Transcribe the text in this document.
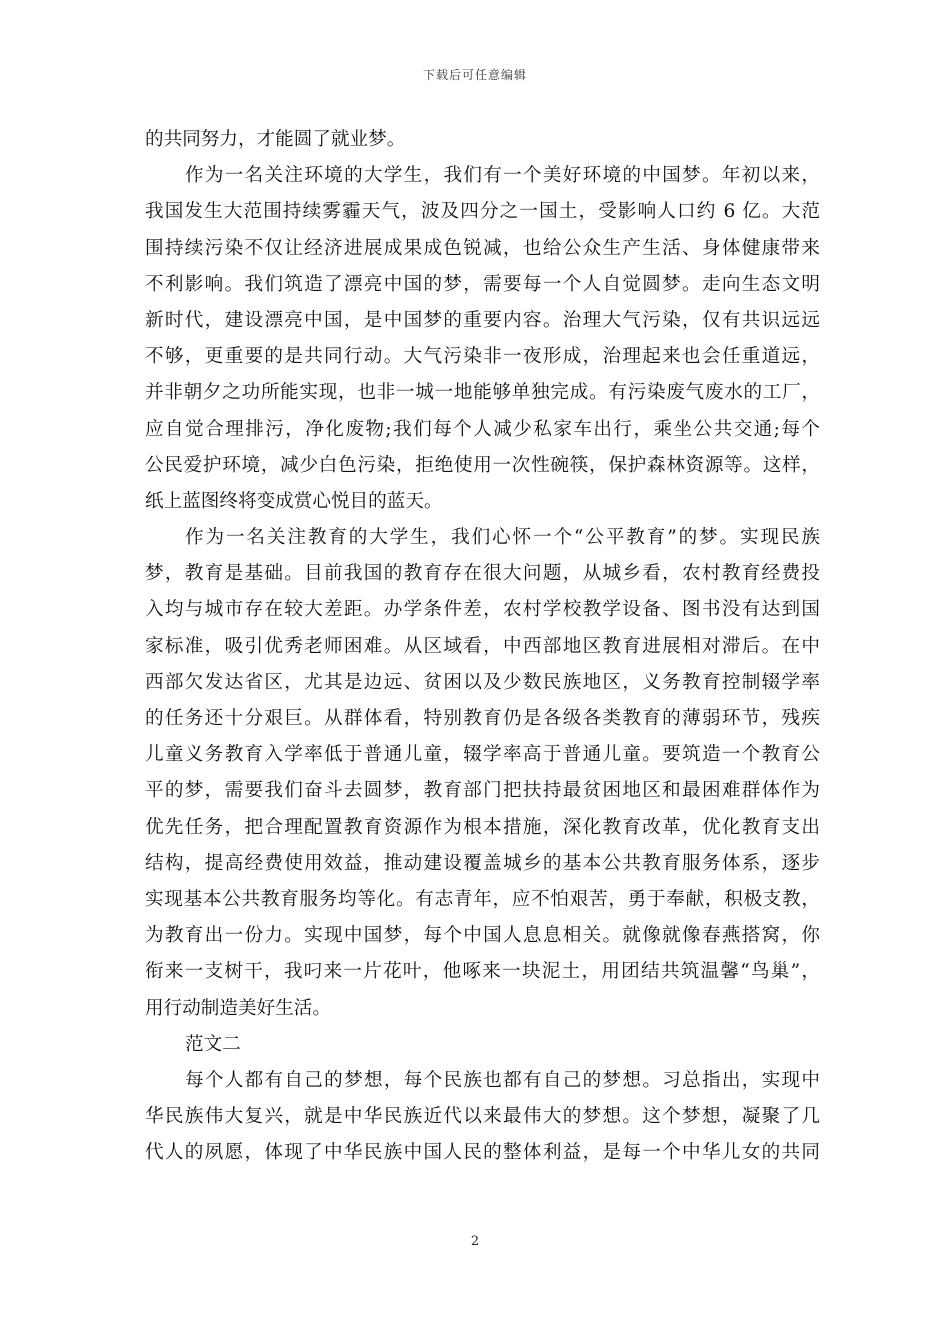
下载后可任意编辑
的共同努力，才能圆了就业梦。
作为一名关注环境的大学生，我们有一个美好环境的中国梦。年初以来，
我国发生大范围持续雾霾天气，波及四分之一国土，受影响人口约 6 亿。大范
围持续污染不仅让经济进展成果成色锐减，也给公众生产生活、身体健康带来
不利影响。我们筑造了漂亮中国的梦，需要每一个人自觉圆梦。走向生态文明
新时代，建设漂亮中国，是中国梦的重要内容。治理大气污染，仅有共识远远
不够，更重要的是共同行动。大气污染非一夜形成，治理起来也会任重道远，
并非朝夕之功所能实现，也非一城一地能够单独完成。有污染废气废水的工厂，
应自觉合理排污，净化废物;我们每个人减少私家车出行，乘坐公共交通;每个
公民爱护环境，减少白色污染，拒绝使用一次性碗筷，保护森林资源等。这样，
纸上蓝图终将变成赏心悦目的蓝天。
作为一名关注教育的大学生，我们心怀一个“公平教育”的梦。实现民族
梦，教育是基础。目前我国的教育存在很大问题，从城乡看，农村教育经费投
入均与城市存在较大差距。办学条件差，农村学校教学设备、图书没有达到国
家标准，吸引优秀老师困难。从区域看，中西部地区教育进展相对滞后。在中
西部欠发达省区，尤其是边远、贫困以及少数民族地区，义务教育控制辍学率
的任务还十分艰巨。从群体看，特别教育仍是各级各类教育的薄弱环节，残疾
儿童义务教育入学率低于普通儿童，辍学率高于普通儿童。要筑造一个教育公
平的梦，需要我们奋斗去圆梦，教育部门把扶持最贫困地区和最困难群体作为
优先任务，把合理配置教育资源作为根本措施，深化教育改革，优化教育支出
结构，提高经费使用效益，推动建设覆盖城乡的基本公共教育服务体系，逐步
实现基本公共教育服务均等化。有志青年，应不怕艰苦，勇于奉献，积极支教，
为教育出一份力。实现中国梦，每个中国人息息相关。就像就像春燕搭窝，你
衔来一支树干，我叼来一片花叶，他啄来一块泥土，用团结共筑温馨“鸟巢”，
用行动制造美好生活。
范文二
每个人都有自己的梦想，每个民族也都有自己的梦想。习总指出，实现中
华民族伟大复兴，就是中华民族近代以来最伟大的梦想。这个梦想，凝聚了几
代人的夙愿，体现了中华民族中国人民的整体利益，是每一个中华儿女的共同
2
